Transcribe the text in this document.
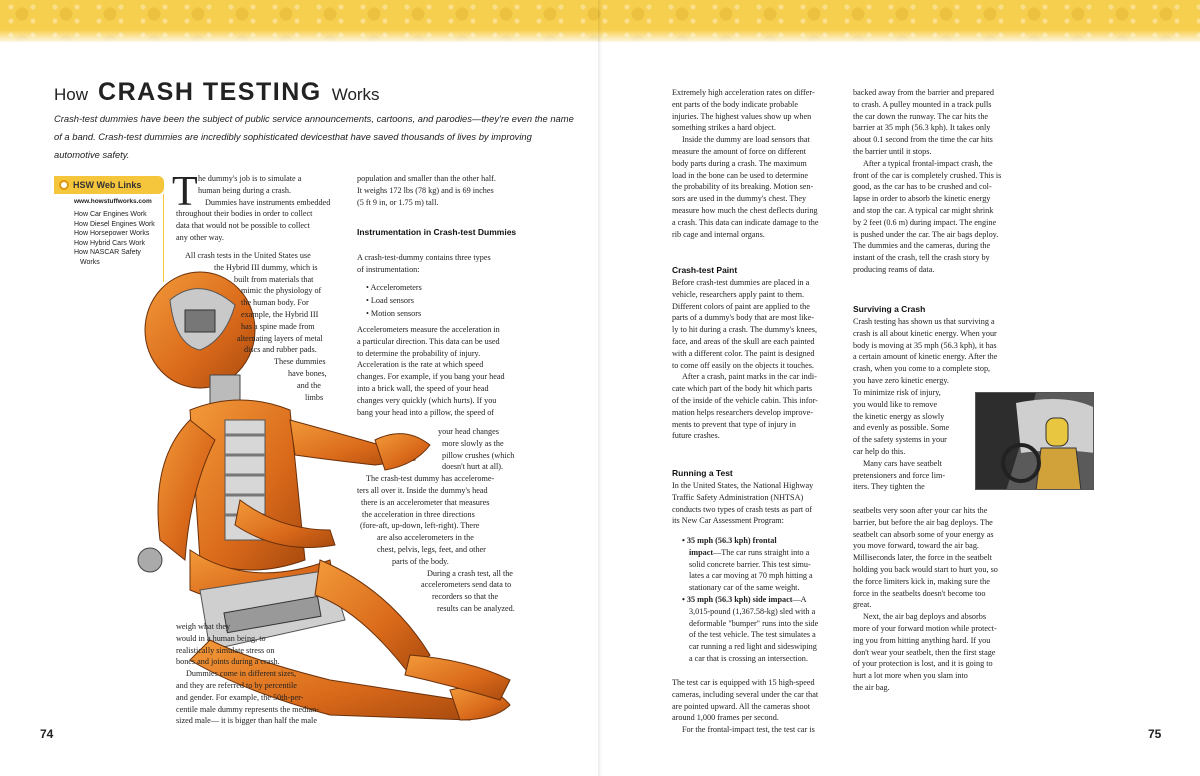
How CRASH TESTING Works
Crash-test dummies have been the subject of public service announcements, cartoons, and parodies—they're even the name of a band. Crash-test dummies are incredibly sophisticated devicesthat have saved thousands of lives by improving automotive safety.
HSW Web Links
www.howstuffworks.com
How Car Engines Work
How Diesel Engines Work
How Horsepower Works
How Hybrid Cars Work
How NASCAR Safety
Works
T he dummy's job is to simulate a
human being during a crash.
Dummies have instruments embedded
throughout their bodies in order to collect
data that would not be possible to collect
any other way.
All crash tests in the United States use
the Hybrid III dummy, which is
built from materials that
mimic the physiology of
the human body. For
example, the Hybrid III
has a spine made from
alternating layers of metal
discs and rubber pads.
These dummies
have bones,
and the
limbs
weigh what they
would in a human being, to
realistically simulate stress on
bones and joints during a crash.
Dummies come in different sizes,
and they are referred to by percentile
and gender. For example, the 50th-per-
centile male dummy represents the median-
sized male— it is bigger than half the male
population and smaller than the other half.
It weighs 172 lbs (78 kg) and is 69 inches
(5 ft 9 in, or 1.75 m) tall.
Instrumentation in Crash-test Dummies
A crash-test-dummy contains three types
of instrumentation:
• Accelerometers
• Load sensors
• Motion sensors
Accelerometers measure the acceleration in
a particular direction. This data can be used
to determine the probability of injury.
Acceleration is the rate at which speed
changes. For example, if you bang your head
into a brick wall, the speed of your head
changes very quickly (which hurts). If you
bang your head into a pillow, the speed of
your head changes
more slowly as the
pillow crushes (which
doesn't hurt at all).
The crash-test dummy has accelerome-
ters all over it. Inside the dummy's head
there is an accelerometer that measures
the acceleration in three directions
(fore-aft, up-down, left-right). There
are also accelerometers in the
chest, pelvis, legs, feet, and other
parts of the body.
During a crash test, all the
accelerometers send data to
recorders so that the
results can be analyzed.
Extremely high acceleration rates on differ-
ent parts of the body indicate probable
injuries. The highest values show up when
something strikes a hard object.
Inside the dummy are load sensors that
measure the amount of force on different
body parts during a crash. The maximum
load in the bone can be used to determine
the probability of its breaking. Motion sen-
sors are used in the dummy's chest. They
measure how much the chest deflects during
a crash. This data can indicate damage to the
rib cage and internal organs.
Crash-test Paint
Before crash-test dummies are placed in a
vehicle, researchers apply paint to them.
Different colors of paint are applied to the
parts of a dummy's body that are most like-
ly to hit during a crash. The dummy's knees,
face, and areas of the skull are each painted
with a different color. The paint is designed
to come off easily on the objects it touches.
After a crash, paint marks in the car indi-
cate which part of the body hit which parts
of the inside of the vehicle cabin. This infor-
mation helps researchers develop improve-
ments to prevent that type of injury in
future crashes.
Running a Test
In the United States, the National Highway
Traffic Safety Administration (NHTSA)
conducts two types of crash tests as part of
its New Car Assessment Program:
• 35 mph (56.3 kph) frontal
impact—The car runs straight into a
solid concrete barrier. This test simu-
lates a car moving at 70 mph hitting a
stationary car of the same weight.
• 35 mph (56.3 kph) side impact—A
3,015-pound (1,367.58-kg) sled with a
deformable "bumper" runs into the side
of the test vehicle. The test simulates a
car running a red light and sideswiping
a car that is crossing an intersection.
The test car is equipped with 15 high-speed
cameras, including several under the car that
are pointed upward. All the cameras shoot
around 1,000 frames per second.
For the frontal-impact test, the test car is
backed away from the barrier and prepared
to crash. A pulley mounted in a track pulls
the car down the runway. The car hits the
barrier at 35 mph (56.3 kph). It takes only
about 0.1 second from the time the car hits
the barrier until it stops.
After a typical frontal-impact crash, the
front of the car is completely crushed. This is
good, as the car has to be crushed and col-
lapse in order to absorb the kinetic energy
and stop the car. A typical car might shrink
by 2 feet (0.6 m) during impact. The engine
is pushed under the car. The air bags deploy.
The dummies and the cameras, during the
instant of the crash, tell the crash story by
producing reams of data.
Surviving a Crash
Crash testing has shown us that surviving a
crash is all about kinetic energy. When your
body is moving at 35 mph (56.3 kph), it has
a certain amount of kinetic energy. After the
crash, when you come to a complete stop,
you have zero kinetic energy.
To minimize risk of injury,
you would like to remove
the kinetic energy as slowly
and evenly as possible. Some
of the safety systems in your
car help do this.
Many cars have seatbelt
pretensioners and force lim-
iters. They tighten the
seatbelts very soon after your car hits the
barrier, but before the air bag deploys. The
seatbelt can absorb some of your energy as
you move forward, toward the air bag.
Milliseconds later, the force in the seatbelt
holding you back would start to hurt you, so
the force limiters kick in, making sure the
force in the seatbelts doesn't become too
great.
Next, the air bag deploys and absorbs
more of your forward motion while protect-
ing you from hitting anything hard. If you
don't wear your seatbelt, then the first stage
of your protection is lost, and it is going to
hurt a lot more when you slam into
the air bag.
74	75
